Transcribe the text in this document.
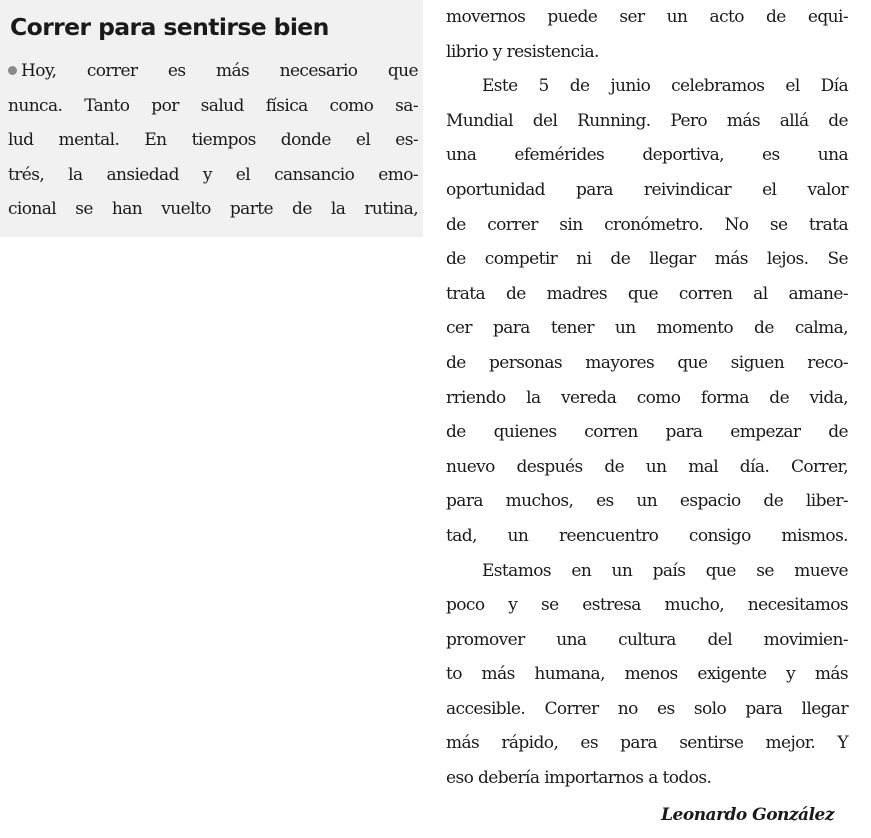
Correr para sentirse bien
Hoy, correr es más necesario que
nunca. Tanto por salud física como sa-
lud mental. En tiempos donde el es-
trés, la ansiedad y el cansancio emo-
cional se han vuelto parte de la rutina,
movernos puede ser un acto de equi-
librio y resistencia.
Este 5 de junio celebramos el Día
Mundial del Running. Pero más allá de
una efemérides deportiva, es una
oportunidad para reivindicar el valor
de correr sin cronómetro. No se trata
de competir ni de llegar más lejos. Se
trata de madres que corren al amane-
cer para tener un momento de calma,
de personas mayores que siguen reco-
rriendo la vereda como forma de vida,
de quienes corren para empezar de
nuevo después de un mal día. Correr,
para muchos, es un espacio de liber-
tad, un reencuentro consigo mismos.
Estamos en un país que se mueve
poco y se estresa mucho, necesitamos
promover una cultura del movimien-
to más humana, menos exigente y más
accesible. Correr no es solo para llegar
más rápido, es para sentirse mejor. Y
eso debería importarnos a todos.

Leonardo González
